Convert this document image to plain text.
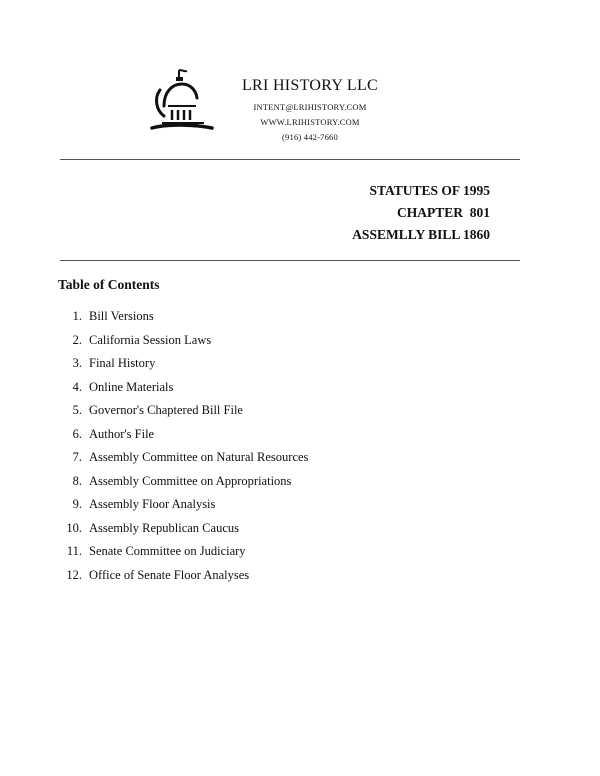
LRI HISTORY LLC
INTENT@LRIHISTORY.COM
WWW.LRIHISTORY.COM
(916) 442-7660
STATUTES OF 1995
CHAPTER  801
ASSEMLLY BILL 1860
Table of Contents
1. Bill Versions
2. California Session Laws
3. Final History
4. Online Materials
5. Governor's Chaptered Bill File
6. Author's File
7. Assembly Committee on Natural Resources
8. Assembly Committee on Appropriations
9. Assembly Floor Analysis
10. Assembly Republican Caucus
11. Senate Committee on Judiciary
12. Office of Senate Floor Analyses
